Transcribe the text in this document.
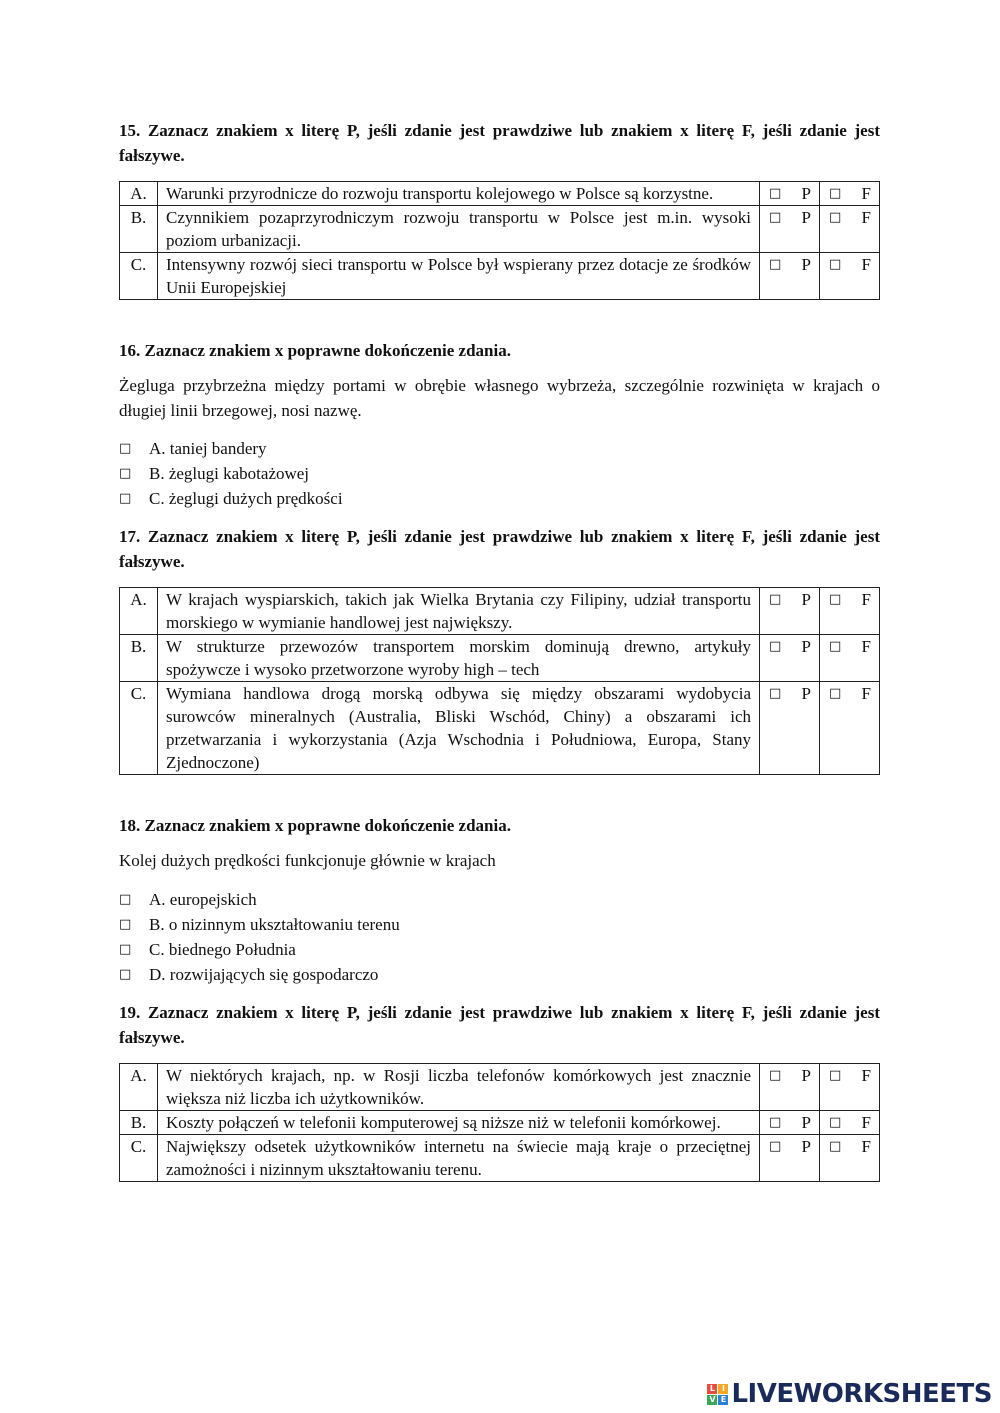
15. Zaznacz znakiem x literę P, jeśli zdanie jest prawdziwe lub znakiem x literę F, jeśli zdanie jest fałszywe.

A.	Warunki przyrodnicze do rozwoju transportu kolejowego w Polsce są korzystne.	□ P	□ F

B.	Czynnikiem pozaprzyrodniczym rozwoju transportu w Polsce jest m.in. wysoki poziom urbanizacji.	□ P	□ F

C.	Intensywny rozwój sieci transportu w Polsce był wspierany przez dotacje ze środków Unii Europejskiej	□ P	□ F

16. Zaznacz znakiem x poprawne dokończenie zdania.

Żegluga przybrzeżna między portami w obrębie własnego wybrzeża, szczególnie rozwinięta w krajach o długiej linii brzegowej, nosi nazwę.

□	A. taniej bandery
□	B. żeglugi kabotażowej
□	C. żeglugi dużych prędkości

17. Zaznacz znakiem x literę P, jeśli zdanie jest prawdziwe lub znakiem x literę F, jeśli zdanie jest fałszywe.

A.	W krajach wyspiarskich, takich jak Wielka Brytania czy Filipiny, udział transportu morskiego w wymianie handlowej jest największy.	□ P	□ F

B.	W strukturze przewozów transportem morskim dominują drewno, artykuły spożywcze i wysoko przetworzone wyroby high – tech	□ P	□ F

C.	Wymiana handlowa drogą morską odbywa się między obszarami wydobycia surowców mineralnych (Australia, Bliski Wschód, Chiny) a obszarami ich przetwarzania i wykorzystania (Azja Wschodnia i Południowa, Europa, Stany Zjednoczone)	□ P	□ F

18. Zaznacz znakiem x poprawne dokończenie zdania.

Kolej dużych prędkości funkcjonuje głównie w krajach

□	A. europejskich
□	B. o nizinnym ukształtowaniu terenu
□	C. biednego Południa
□	D. rozwijających się gospodarczo

19. Zaznacz znakiem x literę P, jeśli zdanie jest prawdziwe lub znakiem x literę F, jeśli zdanie jest fałszywe.

A.	W niektórych krajach, np. w Rosji liczba telefonów komórkowych jest znacznie większa niż liczba ich użytkowników.	□ P	□ F

B.	Koszty połączeń w telefonii komputerowej są niższe niż w telefonii komórkowej.	□ P	□ F

C.	Największy odsetek użytkowników internetu na świecie mają kraje o przeciętnej zamożności i nizinnym ukształtowaniu terenu.	□ P	□ F
L I
V E LIVEWORKSHEETS
